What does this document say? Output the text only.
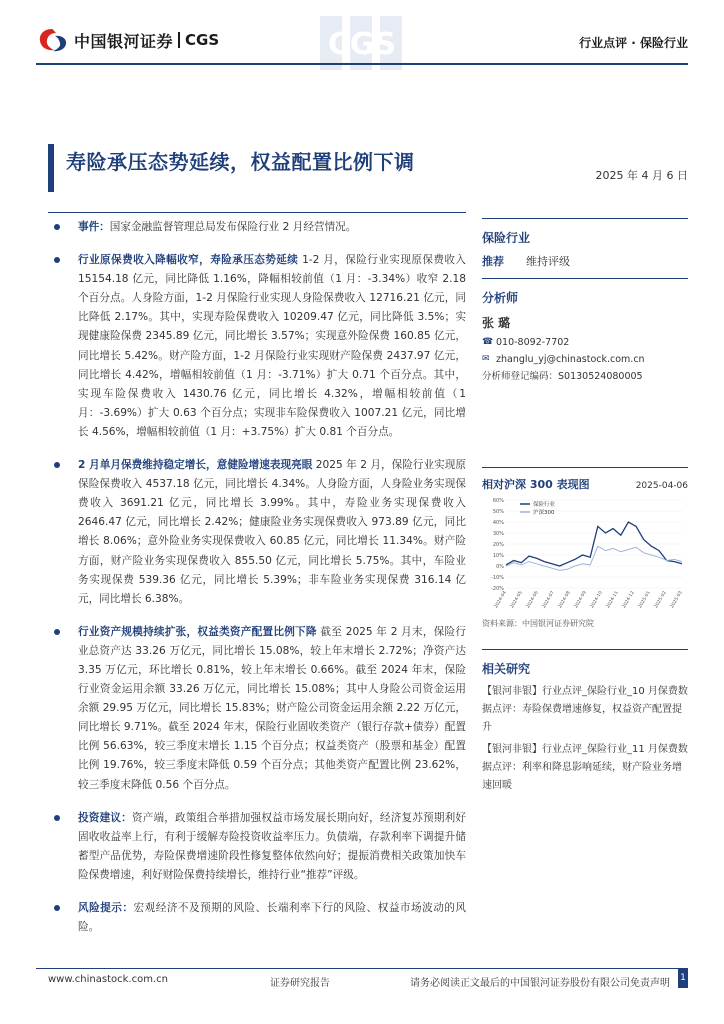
中国银河证券 CGS	CGS	行业点评 · 保险行业
寿险承压态势延续，权益配置比例下调
2025 年 4 月 6 日
事件：国家金融监督管理总局发布保险行业 2 月经营情况。
行业原保费收入降幅收窄，寿险承压态势延续 1-2 月，保险行业实现原保费收入 15154.18 亿元，同比降低 1.16%，降幅相较前值（1 月：-3.34%）收窄 2.18 个百分点。人身险方面，1-2 月保险行业实现人身险保费收入 12716.21 亿元，同比降低 2.17%。其中，实现寿险保费收入 10209.47 亿元，同比降低 3.5%；实现健康险保费 2345.89 亿元，同比增长 3.57%；实现意外险保费 160.85 亿元，同比增长 5.42%。财产险方面，1-2 月保险行业实现财产险保费 2437.97 亿元，同比增长 4.42%，增幅相较前值（1 月：-3.71%）扩大 0.71 个百分点。其中，实现车险保费收入 1430.76 亿元，同比增长 4.32%，增幅相较前值（1 月：-3.69%）扩大 0.63 个百分点；实现非车险保费收入 1007.21 亿元，同比增长 4.56%，增幅相较前值（1 月：+3.75%）扩大 0.81 个百分点。
2 月单月保费维持稳定增长，意健险增速表现亮眼 2025 年 2 月，保险行业实现原保险保费收入 4537.18 亿元，同比增长 4.34%。人身险方面，人身险业务实现保费收入 3691.21 亿元，同比增长 3.99%。其中，寿险业务实现保费收入 2646.47 亿元，同比增长 2.42%；健康险业务实现保费收入 973.89 亿元，同比增长 8.06%；意外险业务实现保费收入 60.85 亿元，同比增长 11.34%。财产险方面，财产险业务实现保费收入 855.50 亿元，同比增长 5.75%。其中，车险业务实现保费 539.36 亿元，同比增长 5.39%；非车险业务实现保费 316.14 亿元，同比增长 6.38%。
行业资产规模持续扩张，权益类资产配置比例下降 截至 2025 年 2 月末，保险行业总资产达 33.26 万亿元，同比增长 15.08%，较上年末增长 2.72%；净资产达 3.35 万亿元，环比增长 0.81%，较上年末增长 0.66%。截至 2024 年末，保险行业资金运用余额 33.26 万亿元，同比增长 15.08%；其中人身险公司资金运用余额 29.95 万亿元，同比增长 15.83%；财产险公司资金运用余额 2.22 万亿元，同比增长 9.71%。截至 2024 年末，保险行业固收类资产（银行存款+债券）配置比例 56.63%，较三季度末增长 1.15 个百分点；权益类资产（股票和基金）配置比例 19.76%，较三季度末降低 0.59 个百分点；其他类资产配置比例 23.62%，较三季度末降低 0.56 个百分点。
投资建议：资产端，政策组合举措加强权益市场发展长期向好，经济复苏预期利好固收收益率上行，有利于缓解寿险投资收益率压力。负债端，存款利率下调提升储蓄型产品优势，寿险保费增速阶段性修复整体依然向好；提振消费相关政策加快车险保费增速，利好财险保费持续增长，维持行业“推荐”评级。
风险提示：宏观经济不及预期的风险、长端利率下行的风险、权益市场波动的风险。
保险行业
推荐	维持评级
分析师
张 璐
☎ 010-8092-7702
✉ zhanglu_yj@chinastock.com.cn
分析师登记编码：S0130524080005
相对沪深 300 表现图	2025-04-06
60%
50%
40%
30%
20%
10%
0%
-10%
-20%
2024-04 2024-05 2024-06 2024-07 2024-08 2024-09 2024-10 2024-11 2024-12 2025-01 2025-02 2025-03
保险行业
沪深300
资料来源：中国银河证券研究院
相关研究
【银河非银】行业点评_保险行业_10 月保费数据点评：寿险保费增速修复，权益资产配置提升
【银河非银】行业点评_保险行业_11 月保费数据点评：利率和降息影响延续，财产险业务增速回暖
www.chinastock.com.cn	证券研究报告	请务必阅读正文最后的中国银河证券股份有限公司免责声明 1
